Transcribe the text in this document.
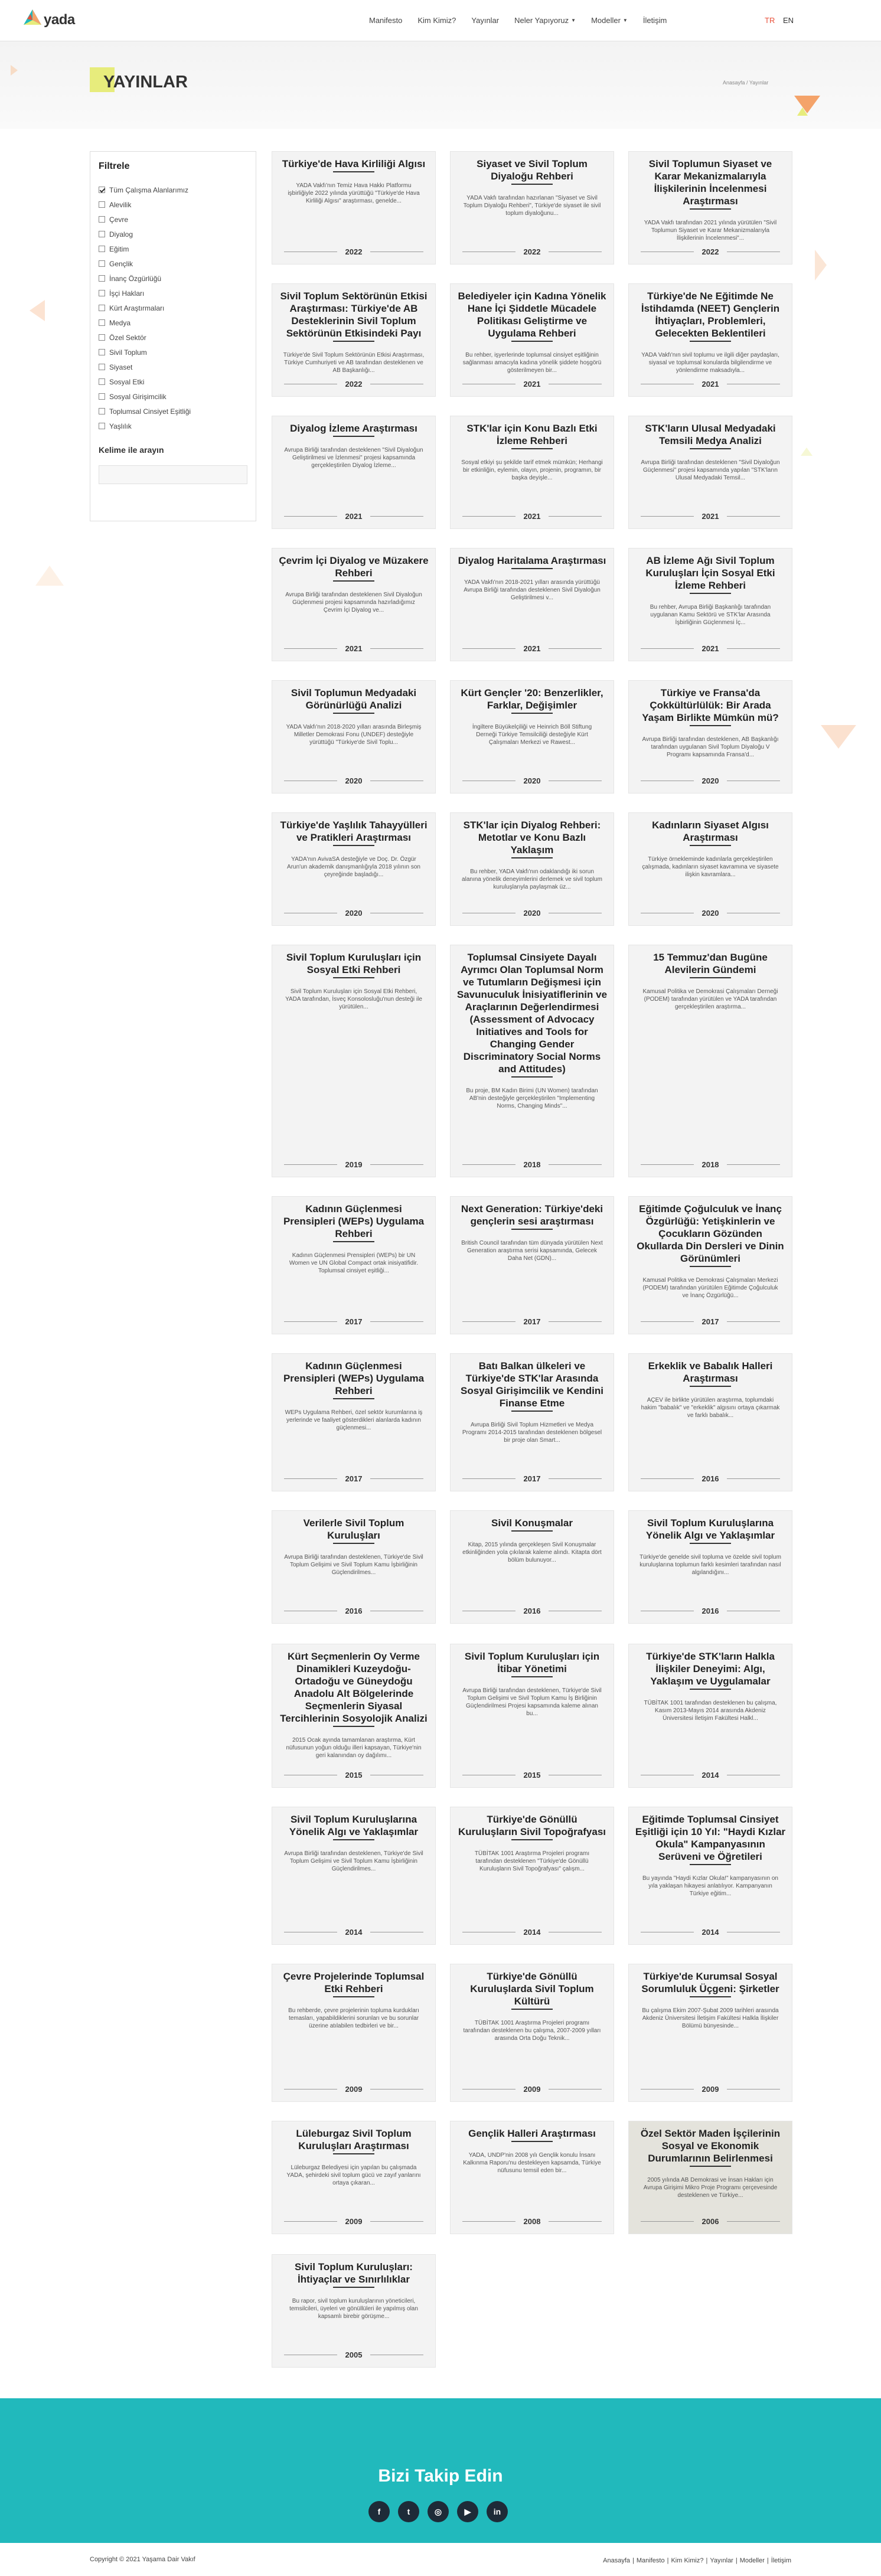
yada	Manifesto Kim Kimiz? Yayınlar Neler Yapıyoruz ▼ Modeller ▼ İletişim	TR EN
YAYINLAR	Anasayfa / Yayınlar
Filtrele
Tüm Çalışma Alanlarımız
Alevilik
Çevre
Diyalog
Eğitim
Gençlik
İnanç Özgürlüğü
İşçi Hakları
Kürt Araştırmaları
Medya
Özel Sektör
Sivil Toplum
Siyaset
Sosyal Etki
Sosyal Girişimcilik
Toplumsal Cinsiyet Eşitliği
Yaşlılık
Kelime ile arayın
Türkiye'de Hava Kirliliği Algısı
YADA Vakfı'nın Temiz Hava Hakkı Platformu işbirliğiyle 2022 yılında yürüttüğü "Türkiye'de Hava Kirliliği Algısı" araştırması, genelde...
2022
Siyaset ve Sivil Toplum Diyaloğu Rehberi
YADA Vakfı tarafından hazırlanan "Siyaset ve Sivil Toplum Diyaloğu Rehberi", Türkiye'de siyaset ile sivil toplum diyaloğunu...
2022
Sivil Toplumun Siyaset ve Karar Mekanizmalarıyla İlişkilerinin İncelenmesi Araştırması
YADA Vakfı tarafından 2021 yılında yürütülen "Sivil Toplumun Siyaset ve Karar Mekanizmalarıyla İlişkilerinin İncelenmesi"...
2022
Sivil Toplum Sektörünün Etkisi Araştırması: Türkiye'de AB Desteklerinin Sivil Toplum Sektörünün Etkisindeki Payı
Türkiye'de Sivil Toplum Sektörünün Etkisi Araştırması, Türkiye Cumhuriyeti ve AB tarafından desteklenen ve AB Başkanlığı...
2022
Belediyeler için Kadına Yönelik Hane İçi Şiddetle Mücadele Politikası Geliştirme ve Uygulama Rehberi
Bu rehber, işyerlerinde toplumsal cinsiyet eşitliğinin sağlanması amacıyla kadına yönelik şiddete hoşgörü gösterilmeyen bir...
2021
Türkiye'de Ne Eğitimde Ne İstihdamda (NEET) Gençlerin İhtiyaçları, Problemleri, Gelecekten Beklentileri
YADA Vakfı'nın sivil toplumu ve ilgili diğer paydaşları, siyasal ve toplumsal konularda bilgilendirme ve yönlendirme maksadıyla...
2021
Diyalog İzleme Araştırması
Avrupa Birliği tarafından desteklenen "Sivil Diyaloğun Geliştirilmesi ve İzlenmesi" projesi kapsamında gerçekleştirilen Diyalog İzleme...
2021
STK'lar için Konu Bazlı Etki İzleme Rehberi
Sosyal etkiyi şu şekilde tarif etmek mümkün; Herhangi bir etkinliğin, eylemin, olayın, projenin, programın, bir başka deyişle...
2021
STK'ların Ulusal Medyadaki Temsili Medya Analizi
Avrupa Birliği tarafından desteklenen "Sivil Diyaloğun Güçlenmesi" projesi kapsamında yapılan "STK'ların Ulusal Medyadaki Temsil...
2021
Çevrim İçi Diyalog ve Müzakere Rehberi
Avrupa Birliği tarafından desteklenen Sivil Diyaloğun Güçlenmesi projesi kapsamında hazırladığımız Çevrim İçi Diyalog ve...
2021
Diyalog Haritalama Araştırması
YADA Vakfı'nın 2018-2021 yılları arasında yürüttüğü Avrupa Birliği tarafından desteklenen Sivil Diyaloğun Geliştirilmesi v...
2021
AB İzleme Ağı Sivil Toplum Kuruluşları İçin Sosyal Etki İzleme Rehberi
Bu rehber, Avrupa Birliği Başkanlığı tarafından uygulanan Kamu Sektörü ve STK'lar Arasında İşbirliğinin Güçlenmesi İç...
2021
Sivil Toplumun Medyadaki Görünürlüğü Analizi
YADA Vakfı'nın 2018-2020 yılları arasında Birleşmiş Milletler Demokrasi Fonu (UNDEF) desteğiyle yürüttüğü "Türkiye'de Sivil Toplu...
2020
Kürt Gençler '20: Benzerlikler, Farklar, Değişimler
İngiltere Büyükelçiliği ve Heinrich Böll Stiftung Derneği Türkiye Temsilciliği desteğiyle Kürt Çalışmaları Merkezi ve Rawest...
2020
Türkiye ve Fransa'da Çokkültürlülük: Bir Arada Yaşam Birlikte Mümkün mü?
Avrupa Birliği tarafından desteklenen, AB Başkanlığı tarafından uygulanan Sivil Toplum Diyaloğu V Programı kapsamında Fransa'd...
2020
Türkiye'de Yaşlılık Tahayyülleri ve Pratikleri Araştırması
YADA'nın AvivaSA desteğiyle ve Doç. Dr. Özgür Arun'un akademik danışmanlığıyla 2018 yılının son çeyreğinde başladığı...
2020
STK'lar için Diyalog Rehberi: Metotlar ve Konu Bazlı Yaklaşım
Bu rehber, YADA Vakfı'nın odaklandığı iki sorun alanına yönelik deneyimlerini derlemek ve sivil toplum kuruluşlarıyla paylaşmak üz...
2020
Kadınların Siyaset Algısı Araştırması
Türkiye örnekleminde kadınlarla gerçekleştirilen çalışmada, kadınların siyaset kavramına ve siyasete ilişkin kavramlara...
2020
Sivil Toplum Kuruluşları için Sosyal Etki Rehberi
Sivil Toplum Kuruluşları için Sosyal Etki Rehberi, YADA tarafından, İsveç Konsolosluğu'nun desteği ile yürütülen...
2019
Toplumsal Cinsiyete Dayalı Ayrımcı Olan Toplumsal Norm ve Tutumların Değişmesi için Savunuculuk İnisiyatiflerinin ve Araçlarının Değerlendirmesi (Assessment of Advocacy Initiatives and Tools for Changing Gender Discriminatory Social Norms and Attitudes)
Bu proje, BM Kadın Birimi (UN Women) tarafından AB'nin desteğiyle gerçekleştirilen "Implementing Norms, Changing Minds"...
2018
15 Temmuz'dan Bugüne Alevilerin Gündemi
Kamusal Politika ve Demokrasi Çalışmaları Derneği (PODEM) tarafından yürütülen ve YADA tarafından gerçekleştirilen araştırma...
2018
Kadının Güçlenmesi Prensipleri (WEPs) Uygulama Rehberi
Kadının Güçlenmesi Prensipleri (WEPs) bir UN Women ve UN Global Compact ortak inisiyatifidir. Toplumsal cinsiyet eşitliği...
2017
Next Generation: Türkiye'deki gençlerin sesi araştırması
British Council tarafından tüm dünyada yürütülen Next Generation araştırma serisi kapsamında, Gelecek Daha Net (GDN)...
2017
Eğitimde Çoğulculuk ve İnanç Özgürlüğü: Yetişkinlerin ve Çocukların Gözünden Okullarda Din Dersleri ve Dinin Görünümleri
Kamusal Politika ve Demokrasi Çalışmaları Merkezi (PODEM) tarafından yürütülen Eğitimde Çoğulculuk ve İnanç Özgürlüğü...
2017
Kadının Güçlenmesi Prensipleri (WEPs) Uygulama Rehberi
WEPs Uygulama Rehberi, özel sektör kurumlarına iş yerlerinde ve faaliyet gösterdikleri alanlarda kadının güçlenmesi...
2017
Batı Balkan ülkeleri ve Türkiye'de STK'lar Arasında Sosyal Girişimcilik ve Kendini Finanse Etme
Avrupa Birliği Sivil Toplum Hizmetleri ve Medya Programı 2014-2015 tarafından desteklenen bölgesel bir proje olan Smart...
2017
Erkeklik ve Babalık Halleri Araştırması
AÇEV ile birlikte yürütülen araştırma, toplumdaki hakim "babalık" ve "erkeklik" algısını ortaya çıkarmak ve farklı babalık...
2016
Verilerle Sivil Toplum Kuruluşları
Avrupa Birliği tarafından desteklenen, Türkiye'de Sivil Toplum Gelişimi ve Sivil Toplum Kamu İşbirliğinin Güçlendirilmes...
2016
Sivil Konuşmalar
Kitap, 2015 yılında gerçekleşen Sivil Konuşmalar etkinliğinden yola çıkılarak kaleme alındı. Kitapta dört bölüm bulunuyor...
2016
Sivil Toplum Kuruluşlarına Yönelik Algı ve Yaklaşımlar
Türkiye'de genelde sivil topluma ve özelde sivil toplum kuruluşlarına toplumun farklı kesimleri tarafından nasıl algılandığını...
2016
Kürt Seçmenlerin Oy Verme Dinamikleri Kuzeydoğu-Ortadoğu ve Güneydoğu Anadolu Alt Bölgelerinde Seçmenlerin Siyasal Tercihlerinin Sosyolojik Analizi
2015 Ocak ayında tamamlanan araştırma, Kürt nüfusunun yoğun olduğu illeri kapsayan, Türkiye'nin geri kalanından oy dağılımı...
2015
Sivil Toplum Kuruluşları için İtibar Yönetimi
Avrupa Birliği tarafından desteklenen, Türkiye'de Sivil Toplum Gelişimi ve Sivil Toplum Kamu İş Birliğinin Güçlendirilmesi Projesi kapsamında kaleme alınan bu...
2015
Türkiye'de STK'ların Halkla İlişkiler Deneyimi: Algı, Yaklaşım ve Uygulamalar
TÜBİTAK 1001 tarafından desteklenen bu çalışma, Kasım 2013-Mayıs 2014 arasında Akdeniz Üniversitesi İletişim Fakültesi Halkl...
2014
Sivil Toplum Kuruluşlarına Yönelik Algı ve Yaklaşımlar
Avrupa Birliği tarafından desteklenen, Türkiye'de Sivil Toplum Gelişimi ve Sivil Toplum Kamu İşbirliğinin Güçlendirilmes...
2014
Türkiye'de Gönüllü Kuruluşların Sivil Topoğrafyası
TÜBİTAK 1001 Araştırma Projeleri programı tarafından desteklenen "Türkiye'de Gönüllü Kuruluşların Sivil Topoğrafyası" çalışm...
2014
Eğitimde Toplumsal Cinsiyet Eşitliği için 10 Yıl: "Haydi Kızlar Okula" Kampanyasının Serüveni ve Öğretileri
Bu yayında "Haydi Kızlar Okula!" kampanyasının on yıla yaklaşan hikayesi anlatılıyor. Kampanyanın Türkiye eğitim...
2014
Çevre Projelerinde Toplumsal Etki Rehberi
Bu rehberde, çevre projelerinin topluma kurdukları temasları, yapabildiklerini sorunları ve bu sorunlar üzerine atılabilen tedbirleri ve bir...
2009
Türkiye'de Gönüllü Kuruluşlarda Sivil Toplum Kültürü
TÜBİTAK 1001 Araştırma Projeleri programı tarafından desteklenen bu çalışma, 2007-2009 yılları arasında Orta Doğu Teknik...
2009
Türkiye'de Kurumsal Sosyal Sorumluluk Üçgeni: Şirketler
Bu çalışma Ekim 2007-Şubat 2009 tarihleri arasında Akdeniz Üniversitesi İletişim Fakültesi Halkla İlişkiler Bölümü bünyesinde...
2009
Lüleburgaz Sivil Toplum Kuruluşları Araştırması
Lüleburgaz Belediyesi için yapılan bu çalışmada YADA, şehirdeki sivil toplum gücü ve zayıf yanlarını ortaya çıkaran...
2009
Gençlik Halleri Araştırması
YADA, UNDP'nin 2008 yılı Gençlik konulu İnsanı Kalkınma Raporu'nu destekleyen kapsamda, Türkiye nüfusunu temsil eden bir...
2008
Özel Sektör Maden İşçilerinin Sosyal ve Ekonomik Durumlarının Belirlenmesi
2005 yılında AB Demokrasi ve İnsan Hakları için Avrupa Girişimi Mikro Proje Programı çerçevesinde desteklenen ve Türkiye...
2006
Sivil Toplum Kuruluşları: İhtiyaçlar ve Sınırlılıklar
Bu rapor, sivil toplum kuruluşlarının yöneticileri, temsilcileri, üyeleri ve gönüllüleri ile yapılmış olan kapsamlı birebir görüşme...
2005
Bizi Takip Edin
f	t	◎	▶	in
Copyright © 2021 Yaşama Dair Vakıf	Anasayfa | Manifesto | Kim Kimiz? | Yayınlar | Modeller | İletişim
